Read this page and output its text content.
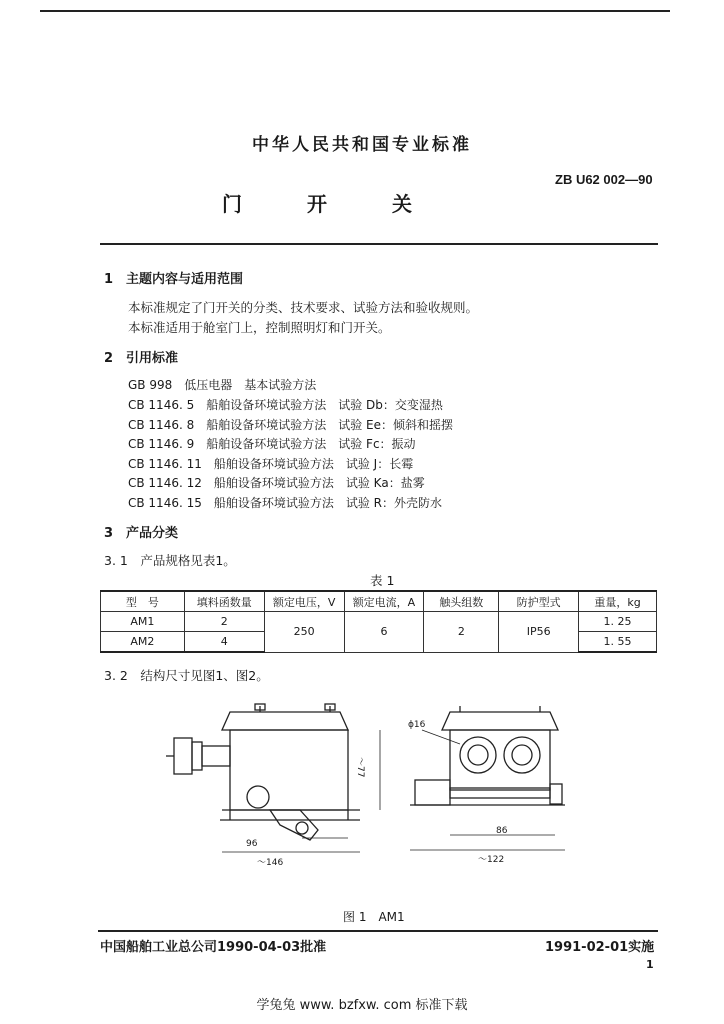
中华人民共和国专业标准
ZB U62 002—90
门	开	关
1　主题内容与适用范围
本标准规定了门开关的分类、技术要求、试验方法和验收规则。
本标准适用于舱室门上，控制照明灯和门开关。
2　引用标准
GB 998　低压电器　基本试验方法
CB 1146. 5　船舶设备环境试验方法　试验 Db：交变湿热
CB 1146. 8　船舶设备环境试验方法　试验 Ee：倾斜和摇摆
CB 1146. 9　船舶设备环境试验方法　试验 Fc：振动
CB 1146. 11　船舶设备环境试验方法　试验 J：长霉
CB 1146. 12　船舶设备环境试验方法　试验 Ka：盐雾
CB 1146. 15　船舶设备环境试验方法　试验 R：外壳防水
3　产品分类
3. 1　产品规格见表1。
表 1
型　号	填料函数量	额定电压，V	额定电流，A	触头组数	防护型式	重量，kg
AM1	2	250	6	2	IP56	1. 25
AM2	4					1. 55
3. 2　结构尺寸见图1、图2。
96
～146
～77
ϕ16
86
～122
图 1　AM1
中国船舶工业总公司1990-04-03批准	1991-02-01实施
1
学兔兔 www. bzfxw. com 标准下载
